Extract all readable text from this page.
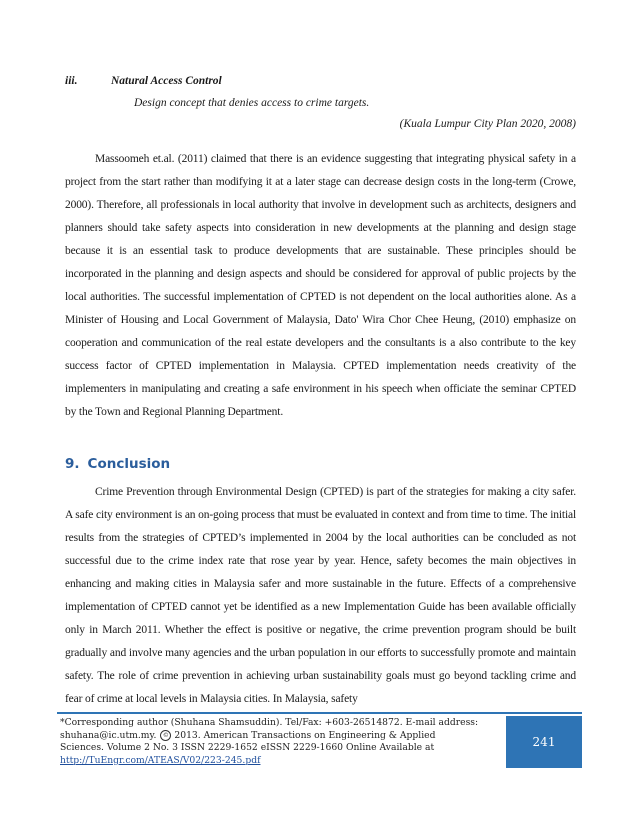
iii.	Natural Access Control
Design concept that denies access to crime targets.
(Kuala Lumpur City Plan 2020, 2008)

Massoomeh et.al. (2011) claimed that there is an evidence suggesting that integrating physical safety in a project from the start rather than modifying it at a later stage can decrease design costs in the long-term (Crowe, 2000). Therefore, all professionals in local authority that involve in development such as architects, designers and planners should take safety aspects into consideration in new developments at the planning and design stage because it is an essential task to produce developments that are sustainable. These principles should be incorporated in the planning and design aspects and should be considered for approval of public projects by the local authorities. The successful implementation of CPTED is not dependent on the local authorities alone. As a Minister of Housing and Local Government of Malaysia, Dato' Wira Chor Chee Heung, (2010) emphasize on cooperation and communication of the real estate developers and the consultants is a also contribute to the key success factor of CPTED implementation in Malaysia. CPTED implementation needs creativity of the implementers in manipulating and creating a safe environment in his speech when officiate the seminar CPTED by the Town and Regional Planning Department.

9. Conclusion

Crime Prevention through Environmental Design (CPTED) is part of the strategies for making a city safer. A safe city environment is an on-going process that must be evaluated in context and from time to time. The initial results from the strategies of CPTED’s implemented in 2004 by the local authorities can be concluded as not successful due to the crime index rate that rose year by year. Hence, safety becomes the main objectives in enhancing and making cities in Malaysia safer and more sustainable in the future. Effects of a comprehensive implementation of CPTED cannot yet be identified as a new Implementation Guide has been available officially only in March 2011. Whether the effect is positive or negative, the crime prevention program should be built gradually and involve many agencies and the urban population in our efforts to successfully promote and maintain safety. The role of crime prevention in achieving urban sustainability goals must go beyond tackling crime and fear of crime at local levels in Malaysia cities. In Malaysia, safety

*Corresponding author (Shuhana Shamsuddin). Tel/Fax: +603-26514872. E-mail address:
shuhana@ic.utm.my. © 2013. American Transactions on Engineering & Applied
Sciences. Volume 2 No. 3 ISSN 2229-1652 eISSN 2229-1660 Online Available at
http://TuEngr.com/ATEAS/V02/223-245.pdf
241
